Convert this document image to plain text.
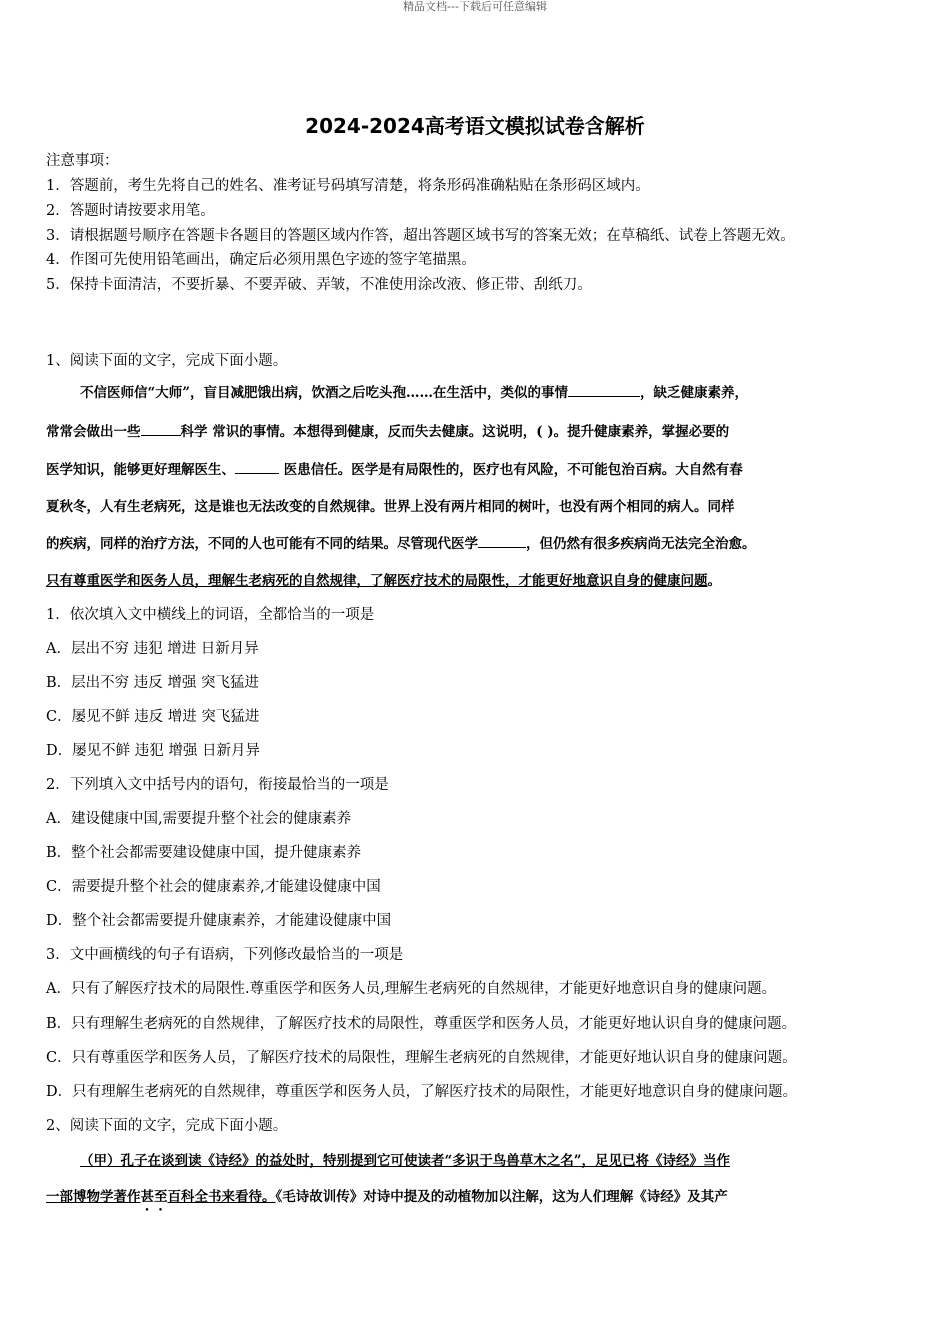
精品文档---下载后可任意编辑
2024-2024高考语文模拟试卷含解析
注意事项：
1．答题前，考生先将自己的姓名、准考证号码填写清楚，将条形码准确粘贴在条形码区域内。
2．答题时请按要求用笔。
3．请根据题号顺序在答题卡各题目的答题区域内作答，超出答题区域书写的答案无效；在草稿纸、试卷上答题无效。
4．作图可先使用铅笔画出，确定后必须用黑色字迹的签字笔描黑。
5．保持卡面清洁，不要折暴、不要弄破、弄皱，不准使用涂改液、修正带、刮纸刀。
1、阅读下面的文字，完成下面小题。
不信医师信“大师”，盲目减肥饿出病，饮酒之后吃头孢……在生活中，类似的事情	，缺乏健康素养，
常常会做出一些	科学 常识的事情。本想得到健康，反而失去健康。这说明，( )。提升健康素养，掌握必要的
医学知识，能够更好理解医生、	医患信任。医学是有局限性的，医疗也有风险，不可能包治百病。大自然有春
夏秋冬，人有生老病死，这是谁也无法改变的自然规律。世界上没有两片相同的树叶，也没有两个相同的病人。同样
的疾病，同样的治疗方法，不同的人也可能有不同的结果。尽管现代医学	，但仍然有很多疾病尚无法完全治愈。
只有尊重医学和医务人员，理解生老病死的自然规律，了解医疗技术的局限性，才能更好地意识自身的健康问题。
1．依次填入文中横线上的词语，全都恰当的一项是
A．层出不穷 违犯 增进 日新月异
B．层出不穷 违反 增强 突飞猛进
C．屡见不鲜 违反 增进 突飞猛进
D．屡见不鲜 违犯 增强 日新月异
2．下列填入文中括号内的语句，衔接最恰当的一项是
A．建设健康中国,需要提升整个社会的健康素养
B．整个社会都需要建设健康中国，提升健康素养
C．需要提升整个社会的健康素养,才能建设健康中国
D．整个社会都需要提升健康素养，才能建设健康中国
3．文中画横线的句子有语病，下列修改最恰当的一项是
A．只有了解医疗技术的局限性.尊重医学和医务人员,理解生老病死的自然规律，才能更好地意识自身的健康问题。
B．只有理解生老病死的自然规律，了解医疗技术的局限性，尊重医学和医务人员，才能更好地认识自身的健康问题。
C．只有尊重医学和医务人员，了解医疗技术的局限性，理解生老病死的自然规律，才能更好地认识自身的健康问题。
D．只有理解生老病死的自然规律，尊重医学和医务人员，了解医疗技术的局限性，才能更好地意识自身的健康问题。
2、阅读下面的文字，完成下面小题。
（甲）孔子在谈到读《诗经》的益处时，特别提到它可使读者“多识于鸟兽草木之名”，足见已将《诗经》当作
一部博物学著作甚至百科全书来看待。《毛诗故训传》对诗中提及的动植物加以注解，这为人们理解《诗经》及其产
